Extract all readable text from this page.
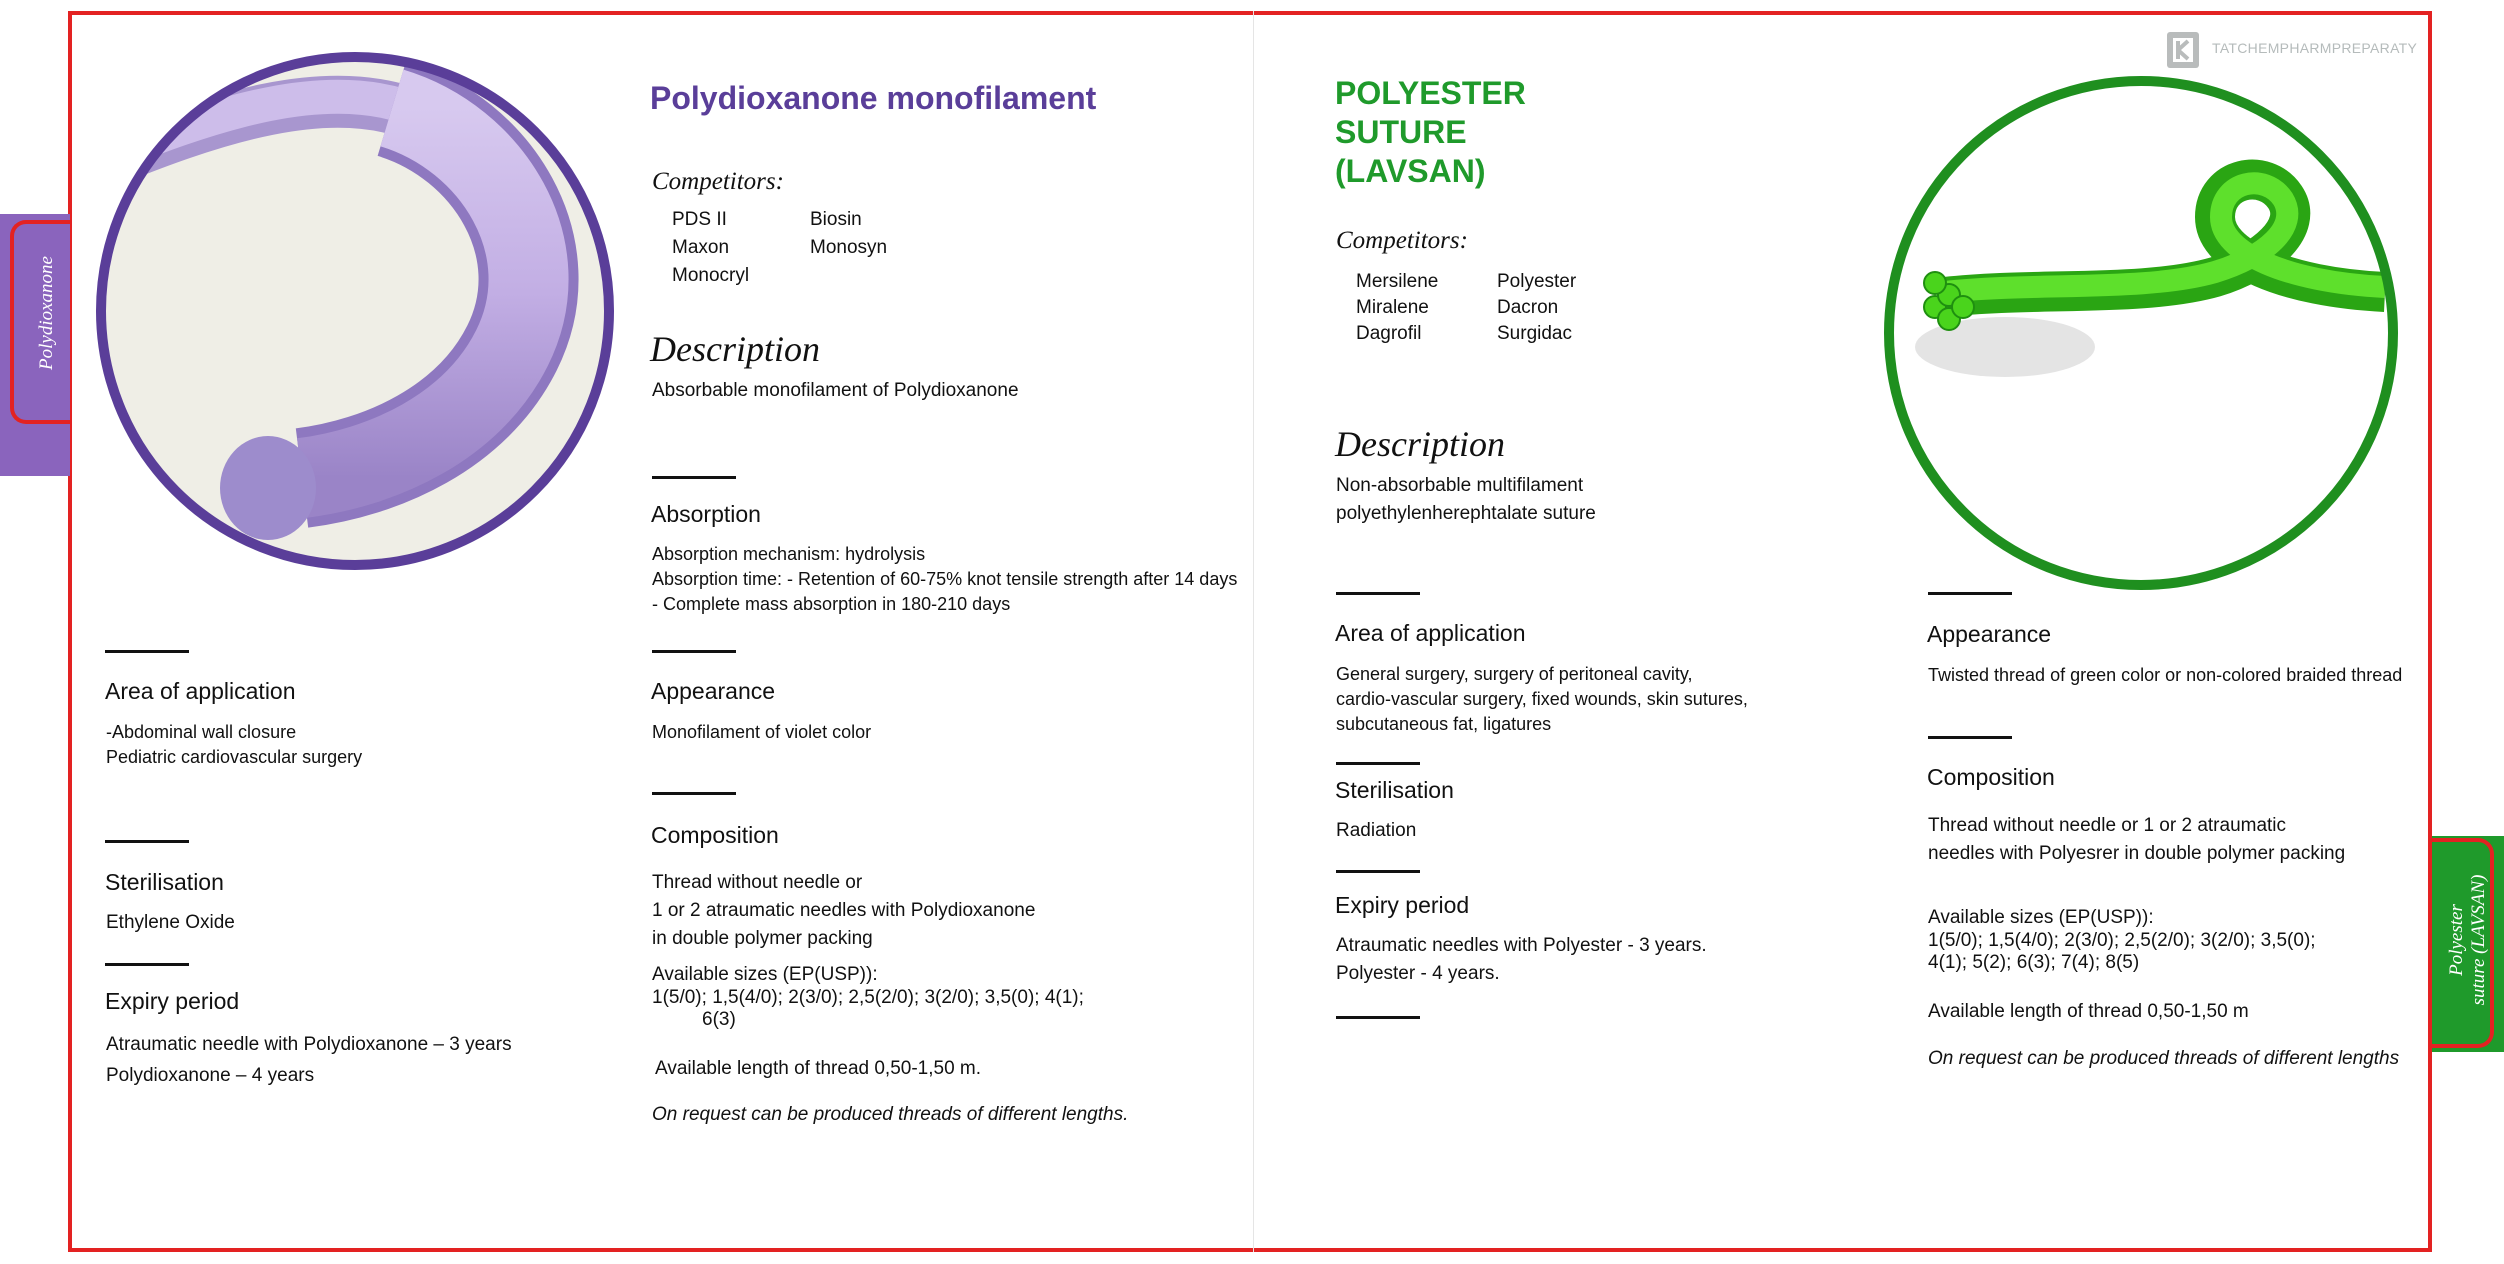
Polydioxanone
Polyester suture (LAVSAN)
TATCHEMPHARMPREPARATY
Polydioxanone monofilament
Competitors:
PDS II
Maxon
Monocryl
Biosin
Monosyn
Description
Absorbable monofilament of Polydioxanone
Absorption
Absorption mechanism: hydrolysis
Absorption time: - Retention of 60-75% knot tensile strength after 14 days
- Complete mass absorption in 180-210 days
Appearance
Monofilament of violet color
Composition
Thread without needle or
1 or 2 atraumatic needles with Polydioxanone
in double polymer packing
Available sizes (EP(USP)):
1(5/0); 1,5(4/0); 2(3/0); 2,5(2/0); 3(2/0); 3,5(0); 4(1);
6(3)
Available length of thread 0,50-1,50 m.
On request can be produced threads of different lengths.
Area of application
-Abdominal wall closure
Pediatric cardiovascular surgery
Sterilisation
Ethylene Oxide
Expiry period
Atraumatic needle with Polydioxanone – 3 years
Polydioxanone – 4 years
POLYESTER
SUTURE
(LAVSAN)
Competitors:
Mersilene
Miralene
Dagrofil
Polyester
Dacron
Surgidac
Description
Non-absorbable multifilament
polyethylenherephtalate suture
Area of application
General surgery, surgery of peritoneal cavity,
cardio-vascular surgery, fixed wounds, skin sutures,
subcutaneous fat, ligatures
Sterilisation
Radiation
Expiry period
Atraumatic needles with Polyester - 3 years.
Polyester - 4 years.
Appearance
Twisted thread of green color or non-colored braided thread
Composition
Thread without needle or 1 or 2 atraumatic
needles with Polyesrer in double polymer packing
Available sizes (EP(USP)):
1(5/0); 1,5(4/0); 2(3/0); 2,5(2/0); 3(2/0); 3,5(0);
4(1); 5(2); 6(3); 7(4); 8(5)
Available length of thread 0,50-1,50 m
On request can be produced threads of different lengths
